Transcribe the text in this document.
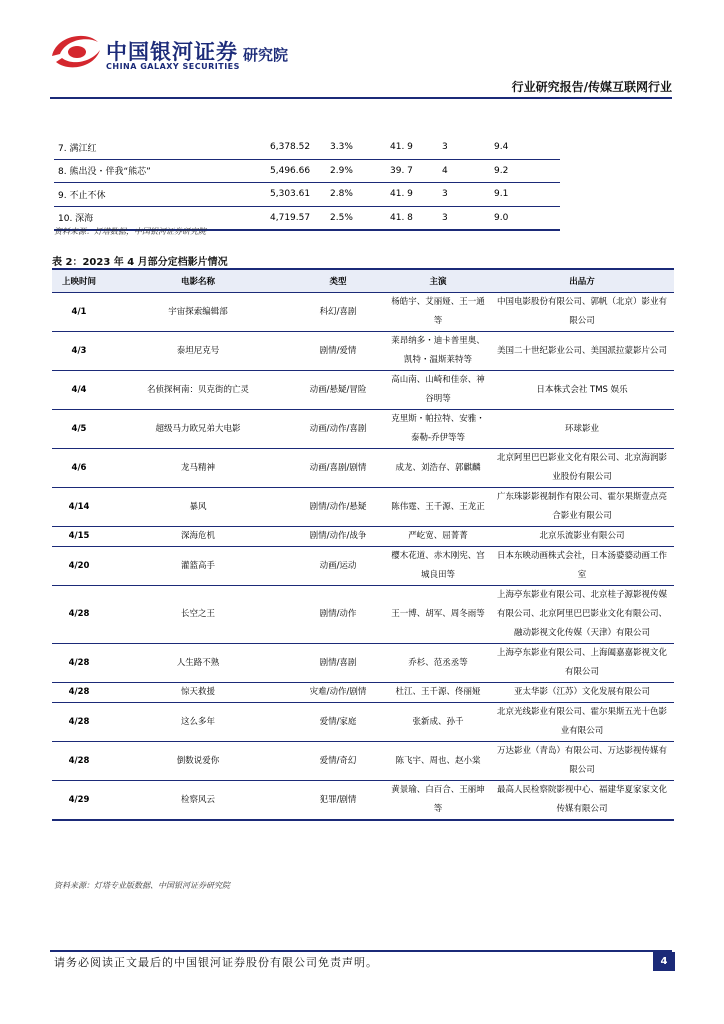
中国银河证券 研究院
CHINA GALAXY SECURITIES
行业研究报告/传媒互联网行业
7. 满江红	6,378.52	3.3%	41. 9	3	9.4
8. 熊出没・伴我“熊芯”	5,496.66	2.9%	39. 7	4	9.2
9. 不止不休	5,303.61	2.8%	41. 9	3	9.1
10. 深海	4,719.57	2.5%	41. 8	3	9.0
资料来源：灯塔数据，中国银河证券研究院
表 2：2023 年 4 月部分定档影片情况
上映时间	电影名称	类型	主演	出品方
4/1	宇宙探索编辑部	科幻/喜剧	杨皓宇、艾丽娅、王一通等	中国电影股份有限公司、郭帆（北京）影业有限公司
4/3	泰坦尼克号	剧情/爱情	莱昂纳多・迪卡普里奥、凯特・温斯莱特等	美国二十世纪影业公司、美国派拉蒙影片公司
4/4	名侦探柯南：贝克街的亡灵	动画/悬疑/冒险	高山南、山崎和佳奈、神谷明等	日本株式会社 TMS 娱乐
4/5	超级马力欧兄弟大电影	动画/动作/喜剧	克里斯・帕拉特、安雅・泰勒-乔伊等等	环球影业
4/6	龙马精神	动画/喜剧/剧情	成龙、刘浩存、郭麒麟	北京阿里巴巴影业文化有限公司、北京海润影业股份有限公司
4/14	暴风	剧情/动作/悬疑	陈伟霆、王千源、王龙正	广东珠影影视制作有限公司、霍尔果斯壹点亮合影业有限公司
4/15	深海危机	剧情/动作/战争	严屹宽、屈菁菁	北京乐流影业有限公司
4/20	灌篮高手	动画/运动	樱木花道、赤木刚宪、宫城良田等	日本东映动画株式会社，日本汤婆婆动画工作室
4/28	长空之王	剧情/动作	王一博、胡军、周冬雨等	上海亭东影业有限公司、北京桂子源影视传媒有限公司、北京阿里巴巴影业文化有限公司、融动影视文化传媒（天津）有限公司
4/28	人生路不熟	剧情/喜剧	乔杉、范丞丞等	上海亭东影业有限公司、上海阖嘉嘉影视文化有限公司
4/28	惊天救援	灾难/动作/剧情	杜江、王千源、佟丽娅	亚太华影（江苏）文化发展有限公司
4/28	这么多年	爱情/家庭	张新成、孙千	北京光线影业有限公司、霍尔果斯五光十色影业有限公司
4/28	倒数说爱你	爱情/奇幻	陈飞宇、周也、赵小棠	万达影业（青岛）有限公司、万达影视传媒有限公司
4/29	检察风云	犯罪/剧情	黄景瑜、白百合、王丽坤等	最高人民检察院影视中心、福建华夏家家文化传媒有限公司
资料来源：灯塔专业版数据、中国银河证券研究院
请务必阅读正文最后的中国银河证券股份有限公司免责声明。	4
